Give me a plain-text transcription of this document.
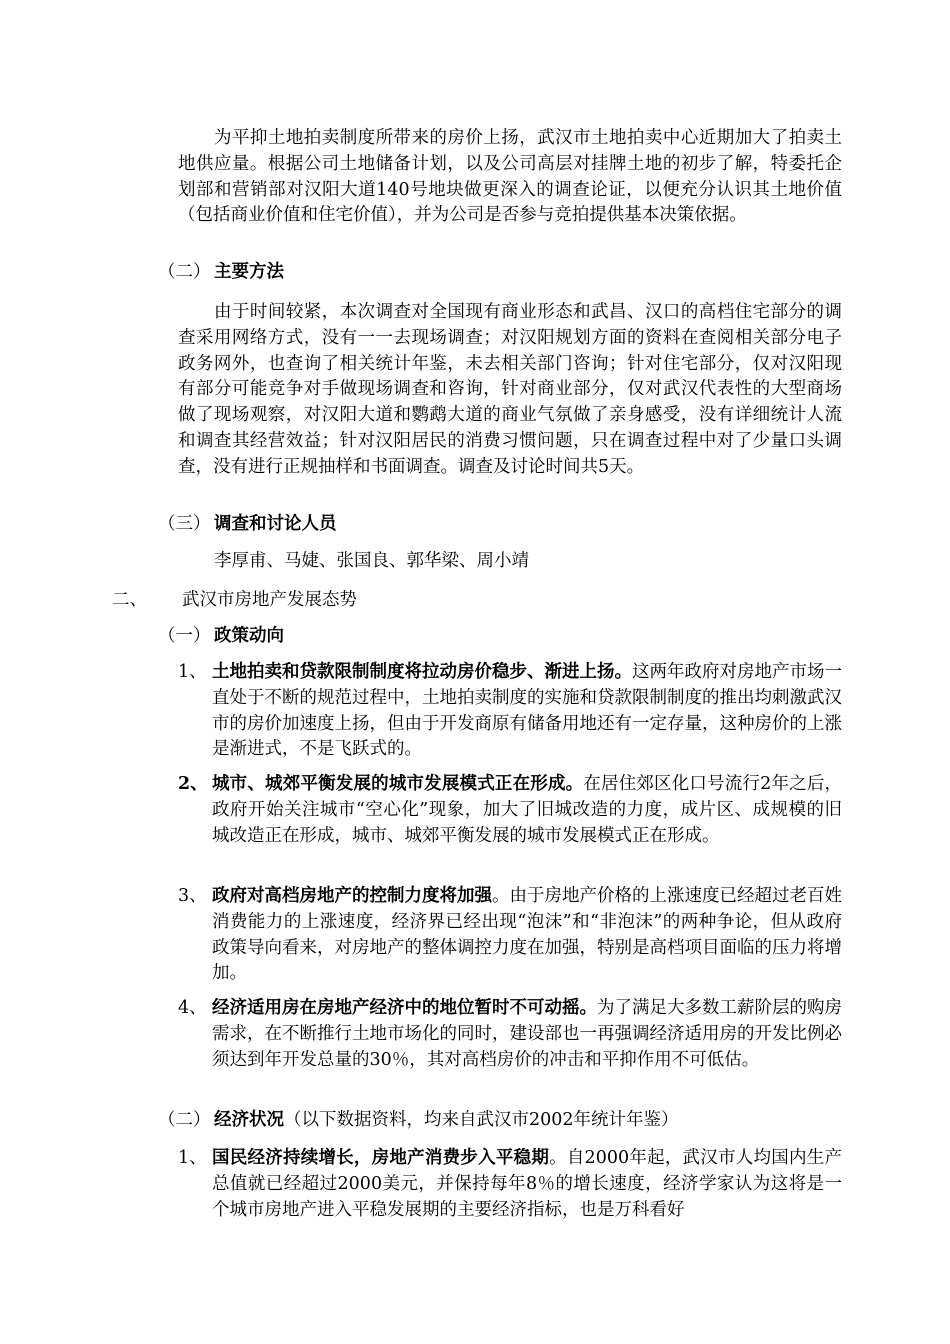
为平抑土地拍卖制度所带来的房价上扬，武汉市土地拍卖中心近期加大了拍卖土地供应量。根据公司土地储备计划，以及公司高层对挂牌土地的初步了解，特委托企划部和营销部对汉阳大道140号地块做更深入的调查论证，以便充分认识其土地价值（包括商业价值和住宅价值），并为公司是否参与竞拍提供基本决策依据。
（二） 主要方法
由于时间较紧，本次调查对全国现有商业形态和武昌、汉口的高档住宅部分的调查采用网络方式，没有一一去现场调查；对汉阳规划方面的资料在查阅相关部分电子政务网外，也查询了相关统计年鉴，未去相关部门咨询；针对住宅部分，仅对汉阳现有部分可能竞争对手做现场调查和咨询，针对商业部分，仅对武汉代表性的大型商场做了现场观察，对汉阳大道和鹦鹉大道的商业气氛做了亲身感受，没有详细统计人流和调查其经营效益；针对汉阳居民的消费习惯问题，只在调查过程中对了少量口头调查，没有进行正规抽样和书面调查。调查及讨论时间共5天。
（三） 调查和讨论人员
李厚甫、马婕、张国良、郭华梁、周小靖
二、 武汉市房地产发展态势
（一） 政策动向
1、 土地拍卖和贷款限制制度将拉动房价稳步、渐进上扬。这两年政府对房地产市场一直处于不断的规范过程中，土地拍卖制度的实施和贷款限制制度的推出均刺激武汉市的房价加速度上扬，但由于开发商原有储备用地还有一定存量，这种房价的上涨是渐进式，不是飞跃式的。
2、 城市、城郊平衡发展的城市发展模式正在形成。在居住郊区化口号流行2年之后，政府开始关注城市“空心化”现象，加大了旧城改造的力度，成片区、成规模的旧城改造正在形成，城市、城郊平衡发展的城市发展模式正在形成。
3、 政府对高档房地产的控制力度将加强。由于房地产价格的上涨速度已经超过老百姓消费能力的上涨速度，经济界已经出现“泡沫”和“非泡沫”的两种争论，但从政府政策导向看来，对房地产的整体调控力度在加强，特别是高档项目面临的压力将增加。
4、 经济适用房在房地产经济中的地位暂时不可动摇。为了满足大多数工薪阶层的购房需求，在不断推行土地市场化的同时，建设部也一再强调经济适用房的开发比例必须达到年开发总量的30％，其对高档房价的冲击和平抑作用不可低估。
（二） 经济状况（以下数据资料，均来自武汉市2002年统计年鉴）
1、 国民经济持续增长，房地产消费步入平稳期。自2000年起，武汉市人均国内生产总值就已经超过2000美元，并保持每年8％的增长速度，经济学家认为这将是一个城市房地产进入平稳发展期的主要经济指标，也是万科看好
